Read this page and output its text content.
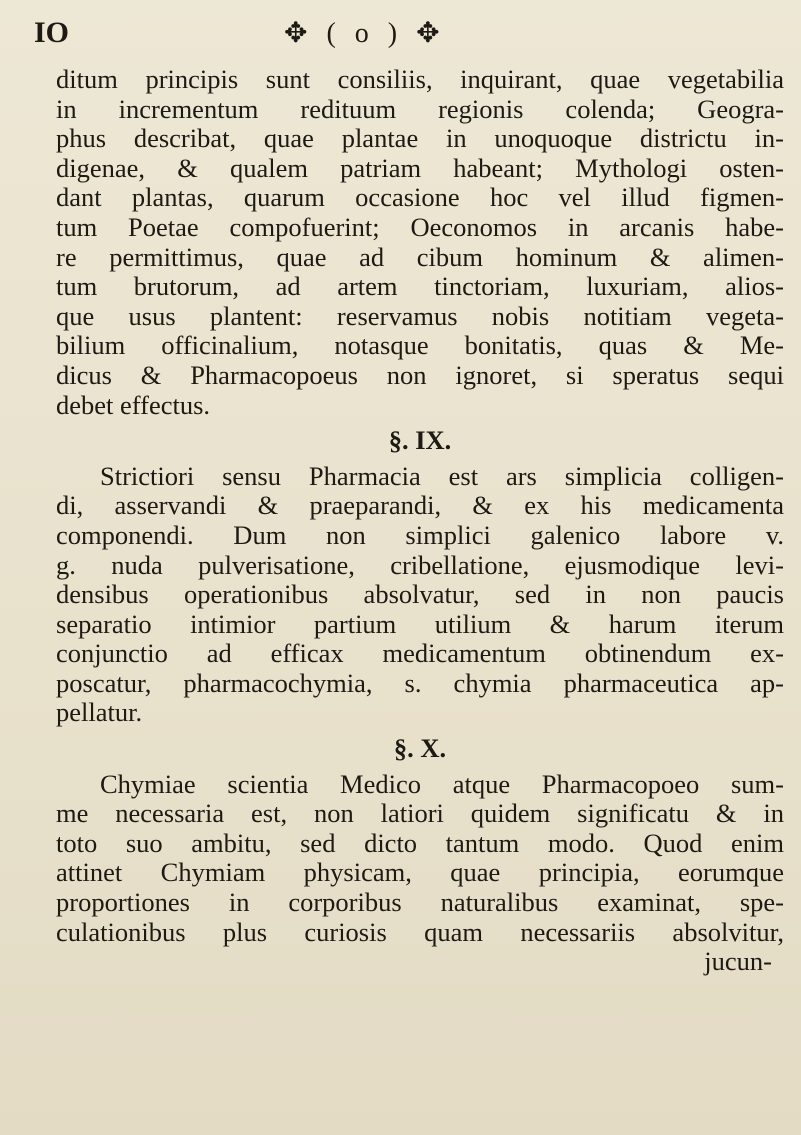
IO	✥ ( o ) ✥
ditum principis sunt consiliis, inquirant, quae vegetabilia
in incrementum redituum regionis colenda; Geogra-
phus describat, quae plantae in unoquoque districtu in-
digenae, & qualem patriam habeant; Mythologi osten-
dant plantas, quarum occasione hoc vel illud figmen-
tum Poetae compofuerint; Oeconomos in arcanis habe-
re permittimus, quae ad cibum hominum & alimen-
tum brutorum, ad artem tinctoriam, luxuriam, alios-
que usus plantent: reservamus nobis notitiam vegeta-
bilium officinalium, notasque bonitatis, quas & Me-
dicus & Pharmacopoeus non ignoret, si speratus sequi
debet effectus.
§. IX.
Strictiori sensu Pharmacia est ars simplicia colligen-
di, asservandi & praeparandi, & ex his medicamenta
componendi. Dum non simplici galenico labore v.
g. nuda pulverisatione, cribellatione, ejusmodique levi-
densibus operationibus absolvatur, sed in non paucis
separatio intimior partium utilium & harum iterum
conjunctio ad efficax medicamentum obtinendum ex-
poscatur, pharmacochymia, s. chymia pharmaceutica ap-
pellatur.
§. X.
Chymiae scientia Medico atque Pharmacopoeo sum-
me necessaria est, non latiori quidem significatu & in
toto suo ambitu, sed dicto tantum modo. Quod enim
attinet Chymiam physicam, quae principia, eorumque
proportiones in corporibus naturalibus examinat, spe-
culationibus plus curiosis quam necessariis absolvitur,
jucun-
